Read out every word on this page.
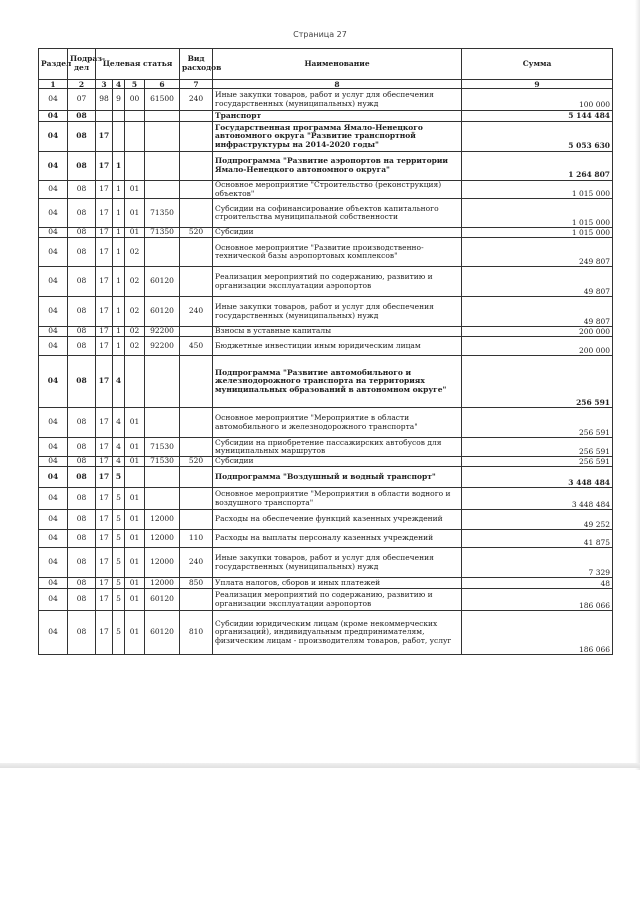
Страница 27
Раздел	Подраз-
дел	Целевая статья				Вид
расходов	Наименование	Сумма
1	2	3	4	5	6	7	8	9
04	07	98	9	00	61500	240	Иные закупки товаров, работ и услуг для обеспечения государственных (муниципальных) нужд	100 000
04	08						Транспорт	5 144 484
04	08	17					Государственная программа Ямало-Ненецкого автономного округа "Развитие транспортной инфраструктуры на 2014-2020 годы"	5 053 630
04	08	17	1				Подпрограмма "Развитие аэропортов на территории Ямало-Ненецкого автономного округа"	1 264 807
04	08	17	1	01			Основное мероприятие "Строительство (реконструкция) объектов"	1 015 000
04	08	17	1	01	71350		Субсидии на софинансирование объектов капитального строительства муниципальной собственности	1 015 000
04	08	17	1	01	71350	520	Субсидии	1 015 000
04	08	17	1	02			Основное мероприятие "Развитие производственно-технической базы аэропортовых комплексов"	249 807
04	08	17	1	02	60120		Реализация мероприятий по содержанию, развитию и организации эксплуатации аэропортов	49 807
04	08	17	1	02	60120	240	Иные закупки товаров, работ и услуг для обеспечения государственных (муниципальных) нужд	49 807
04	08	17	1	02	92200		Взносы в уставные капиталы	200 000
04	08	17	1	02	92200	450	Бюджетные инвестиции иным юридическим лицам	200 000
04	08	17	4				Подпрограмма "Развитие автомобильного и железнодорожного транспорта на территориях муниципальных образований в автономном округе"	256 591
04	08	17	4	01			Основное мероприятие "Мероприятие в области автомобильного и железнодорожного транспорта"	256 591
04	08	17	4	01	71530		Субсидии на приобретение пассажирских автобусов для муниципальных маршрутов	256 591
04	08	17	4	01	71530	520	Субсидии	256 591
04	08	17	5				Подпрограмма "Воздушный и водный транспорт"	3 448 484
04	08	17	5	01			Основное мероприятие "Мероприятия в области водного и воздушного транспорта"	3 448 484
04	08	17	5	01	12000		Расходы на обеспечение функций казенных учреждений	49 252
04	08	17	5	01	12000	110	Расходы на выплаты персоналу казенных учреждений	41 875
04	08	17	5	01	12000	240	Иные закупки товаров, работ и услуг для обеспечения государственных (муниципальных) нужд	7 329
04	08	17	5	01	12000	850	Уплата налогов, сборов и иных платежей	48
04	08	17	5	01	60120		Реализация мероприятий по содержанию, развитию и организации эксплуатации аэропортов	186 066
04	08	17	5	01	60120	810	Субсидии юридическим лицам (кроме некоммерческих организаций), индивидуальным предпринимателям, физическим лицам - производителям товаров, работ, услуг	186 066
